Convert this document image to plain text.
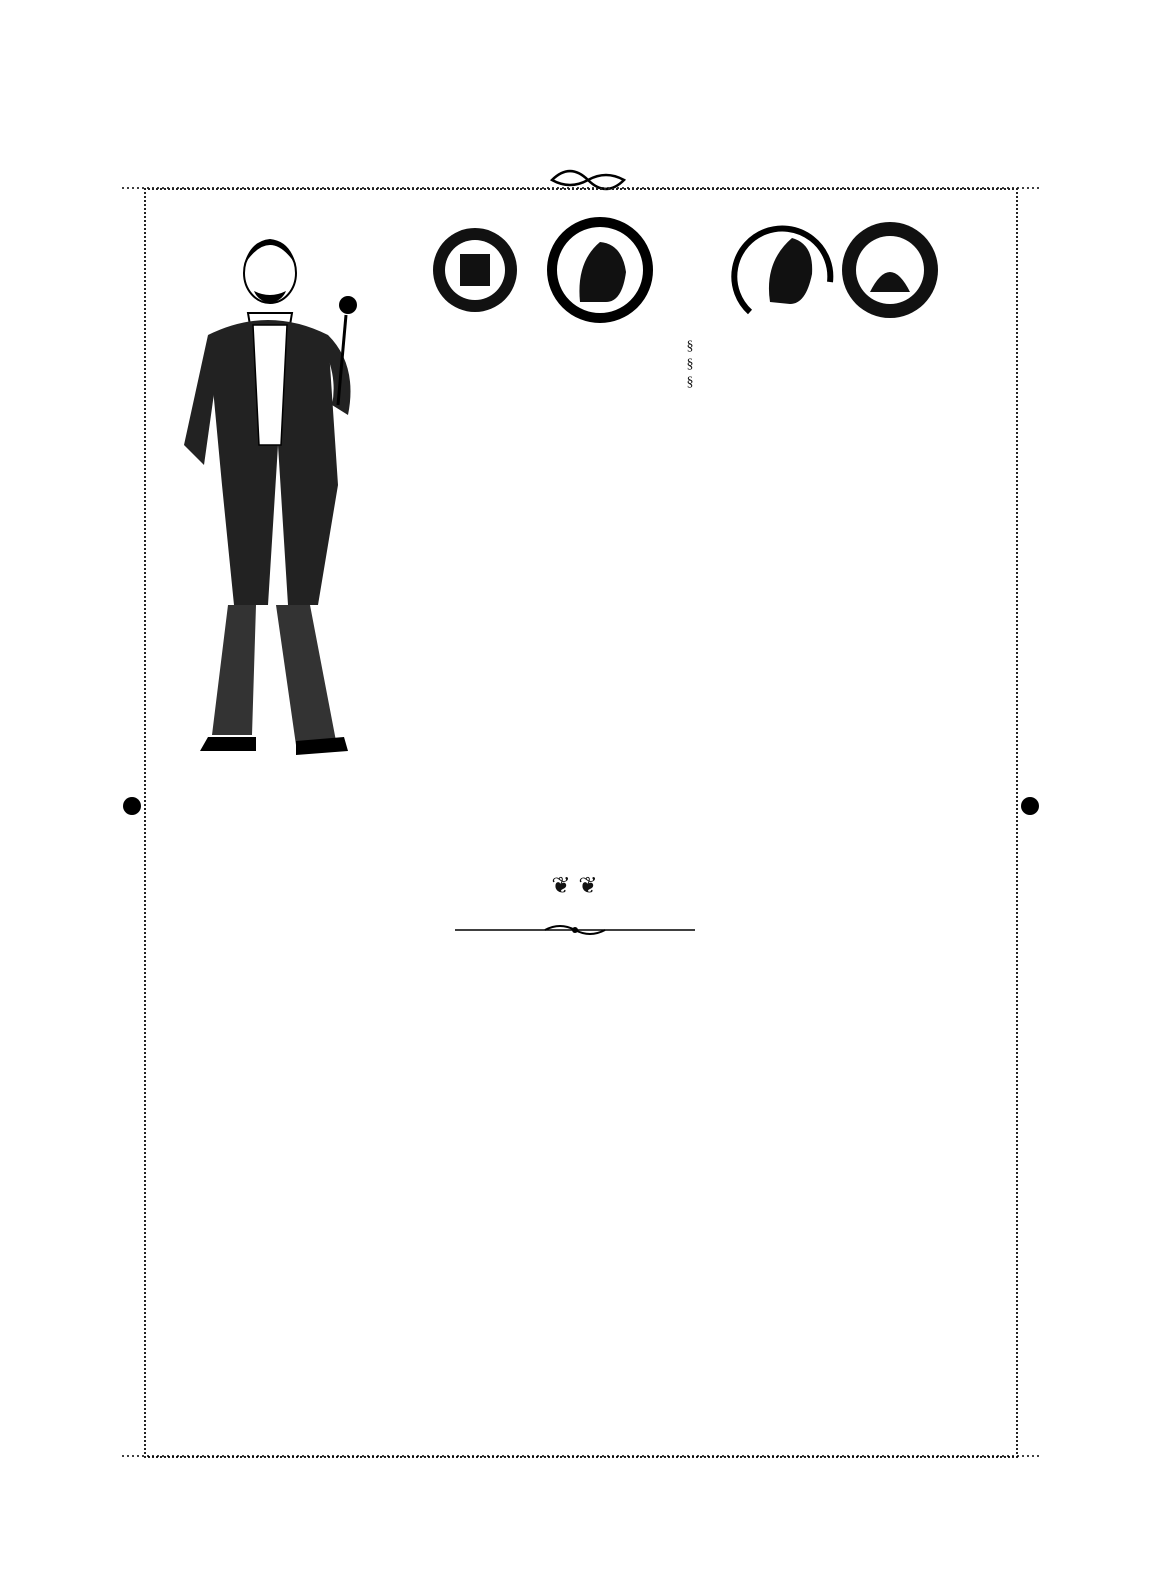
§
§
§

❦ ❦
